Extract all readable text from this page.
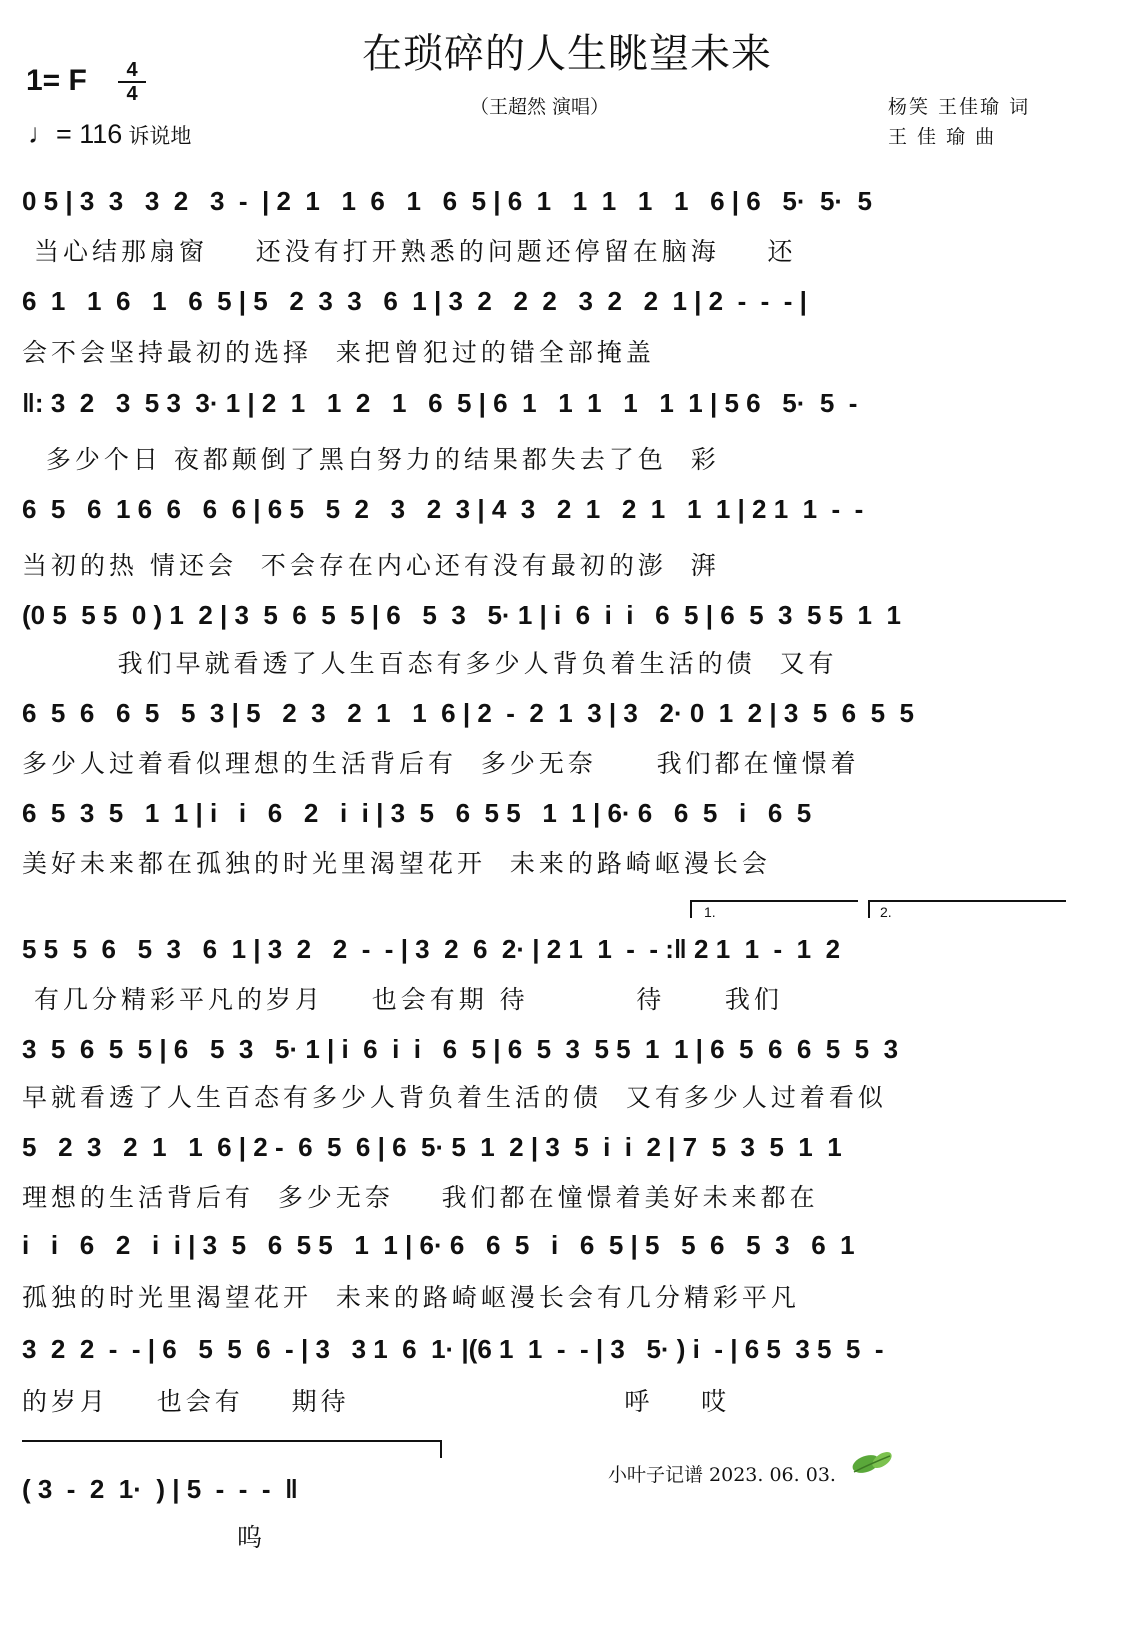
在琐碎的人生眺望未来
1= F	4
4
♩= 116 诉说地
（王超然 演唱）	杨笑 王佳瑜 词
王 佳 瑜 曲
0 5 | 3  3   3  2   3  -  | 2  1   1  6   1   6  5 | 6  1   1  1   1   1   6 | 6   5·  5·  5
当心结那扇窗    还没有打开熟悉的问题还停留在脑海    还
6  1   1  6   1   6  5 | 5   2  3  3   6  1 | 3  2   2  2   3  2   2  1 | 2  -  -  - |
会不会坚持最初的选择  来把曾犯过的错全部掩盖
‖: 3  2   3  5 3  3· 1 | 2  1   1  2   1   6  5 | 6  1   1  1   1   1  1 | 5 6   5·  5  -
多少个日 夜都颠倒了黑白努力的结果都失去了色  彩
6  5   6  1 6  6   6  6 | 6 5   5  2   3   2  3 | 4  3   2  1   2  1   1  1 | 2 1  1  -  -
当初的热 情还会  不会存在内心还有没有最初的澎  湃
(0 5  5 5  0 ) 1  2 | 3  5  6  5  5 | 6   5  3   5· 1 | i  6  i  i   6  5 | 6  5  3  5 5  1  1
我们早就看透了人生百态有多少人背负着生活的债  又有
6  5  6   6  5   5  3 | 5   2  3   2  1   1  6 | 2  -  2  1  3 | 3   2· 0  1  2 | 3  5  6  5  5
多少人过着看似理想的生活背后有  多少无奈     我们都在憧憬着
6  5  3  5   1  1 | i   i   6   2   i  i | 3  5   6  5 5   1  1 | 6· 6   6  5   i   6  5
美好未来都在孤独的时光里渴望花开  未来的路崎岖漫长会
1.	2.
5 5  5  6   5  3   6  1 | 3  2   2  -  - | 3  2  6  2· | 2 1  1  -  - :‖ 2 1  1  -  1  2
有几分精彩平凡的岁月    也会有期 待         待     我们
3  5  6  5  5 | 6   5  3   5· 1 | i  6  i  i   6  5 | 6  5  3  5 5  1  1 | 6  5  6  6  5  5  3
早就看透了人生百态有多少人背负着生活的债  又有多少人过着看似
5   2  3   2  1   1  6 | 2 -  6  5  6 | 6  5· 5  1  2 | 3  5  i  i  2 | 7  5  3  5  1  1
理想的生活背后有  多少无奈    我们都在憧憬着美好未来都在
i   i   6   2   i  i | 3  5   6  5 5   1  1 | 6· 6   6  5   i   6  5 | 5   5  6   5  3   6  1
孤独的时光里渴望花开  未来的路崎岖漫长会有几分精彩平凡
3  2  2  -  - | 6   5  5  6  - | 3   3 1  6  1· |(6 1  1  -  - | 3   5· ) i  - | 6 5  3 5  5  -
的岁月    也会有    期待                       呼    哎
( 3  -  2  1·  ) | 5  -  -  -  ‖
呜
小叶子记谱 2023. 06. 03.
